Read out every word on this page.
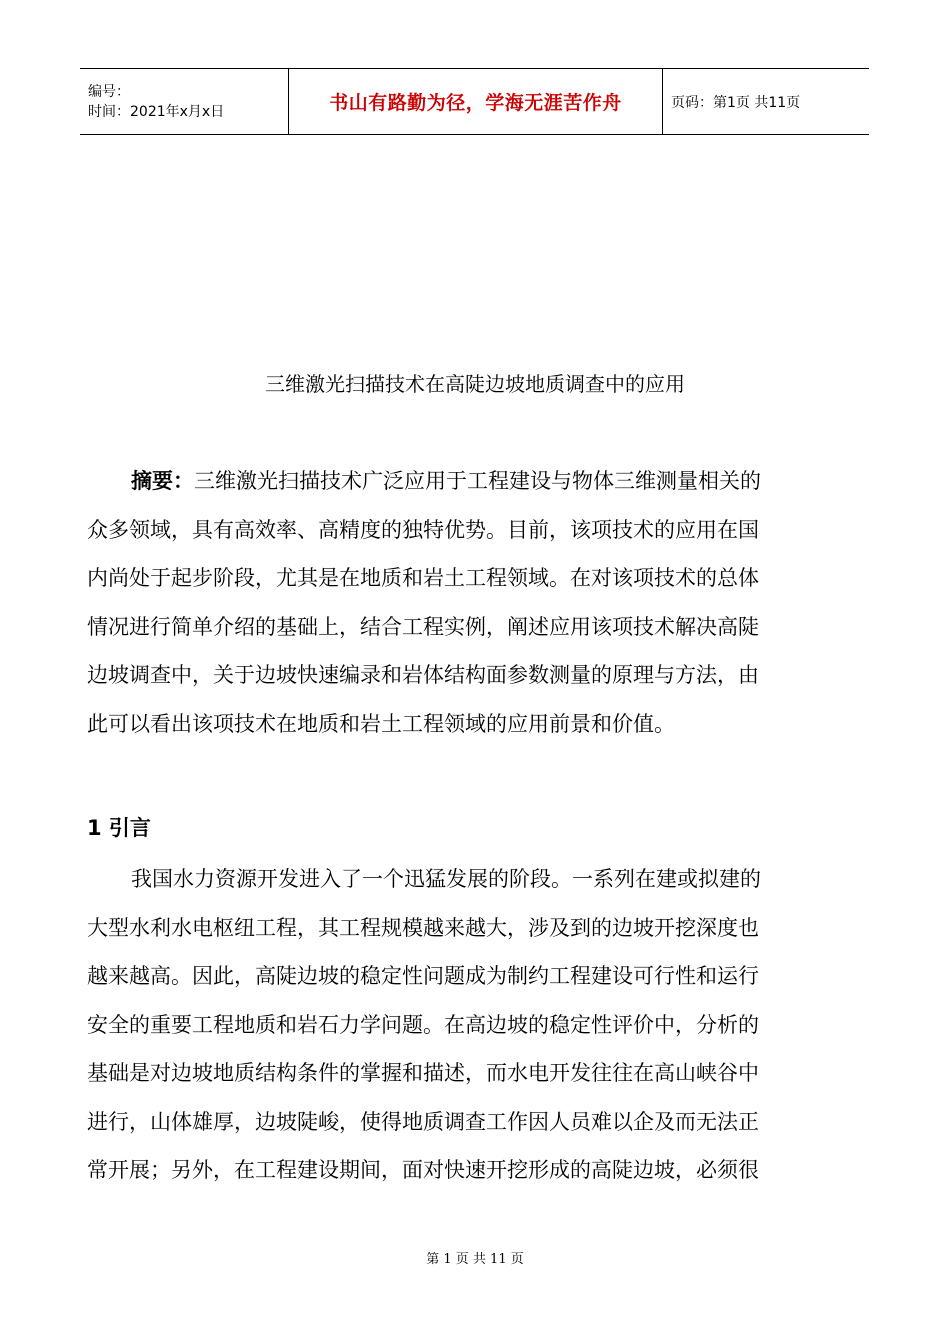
编号：
时间：2021年x月x日	书山有路勤为径，学海无涯苦作舟	页码：第1页 共11页
三维激光扫描技术在高陡边坡地质调查中的应用
摘要：三维激光扫描技术广泛应用于工程建设与物体三维测量相关的
众多领域，具有高效率、高精度的独特优势。目前，该项技术的应用在国
内尚处于起步阶段，尤其是在地质和岩土工程领域。在对该项技术的总体
情况进行简单介绍的基础上，结合工程实例，阐述应用该项技术解决高陡
边坡调查中，关于边坡快速编录和岩体结构面参数测量的原理与方法，由
此可以看出该项技术在地质和岩土工程领域的应用前景和价值。
1 引言
我国水力资源开发进入了一个迅猛发展的阶段。一系列在建或拟建的
大型水利水电枢纽工程，其工程规模越来越大，涉及到的边坡开挖深度也
越来越高。因此，高陡边坡的稳定性问题成为制约工程建设可行性和运行
安全的重要工程地质和岩石力学问题。在高边坡的稳定性评价中，分析的
基础是对边坡地质结构条件的掌握和描述，而水电开发往往在高山峡谷中
进行，山体雄厚，边坡陡峻，使得地质调查工作因人员难以企及而无法正
常开展；另外，在工程建设期间，面对快速开挖形成的高陡边坡，必须很
第 1 页 共 11 页
